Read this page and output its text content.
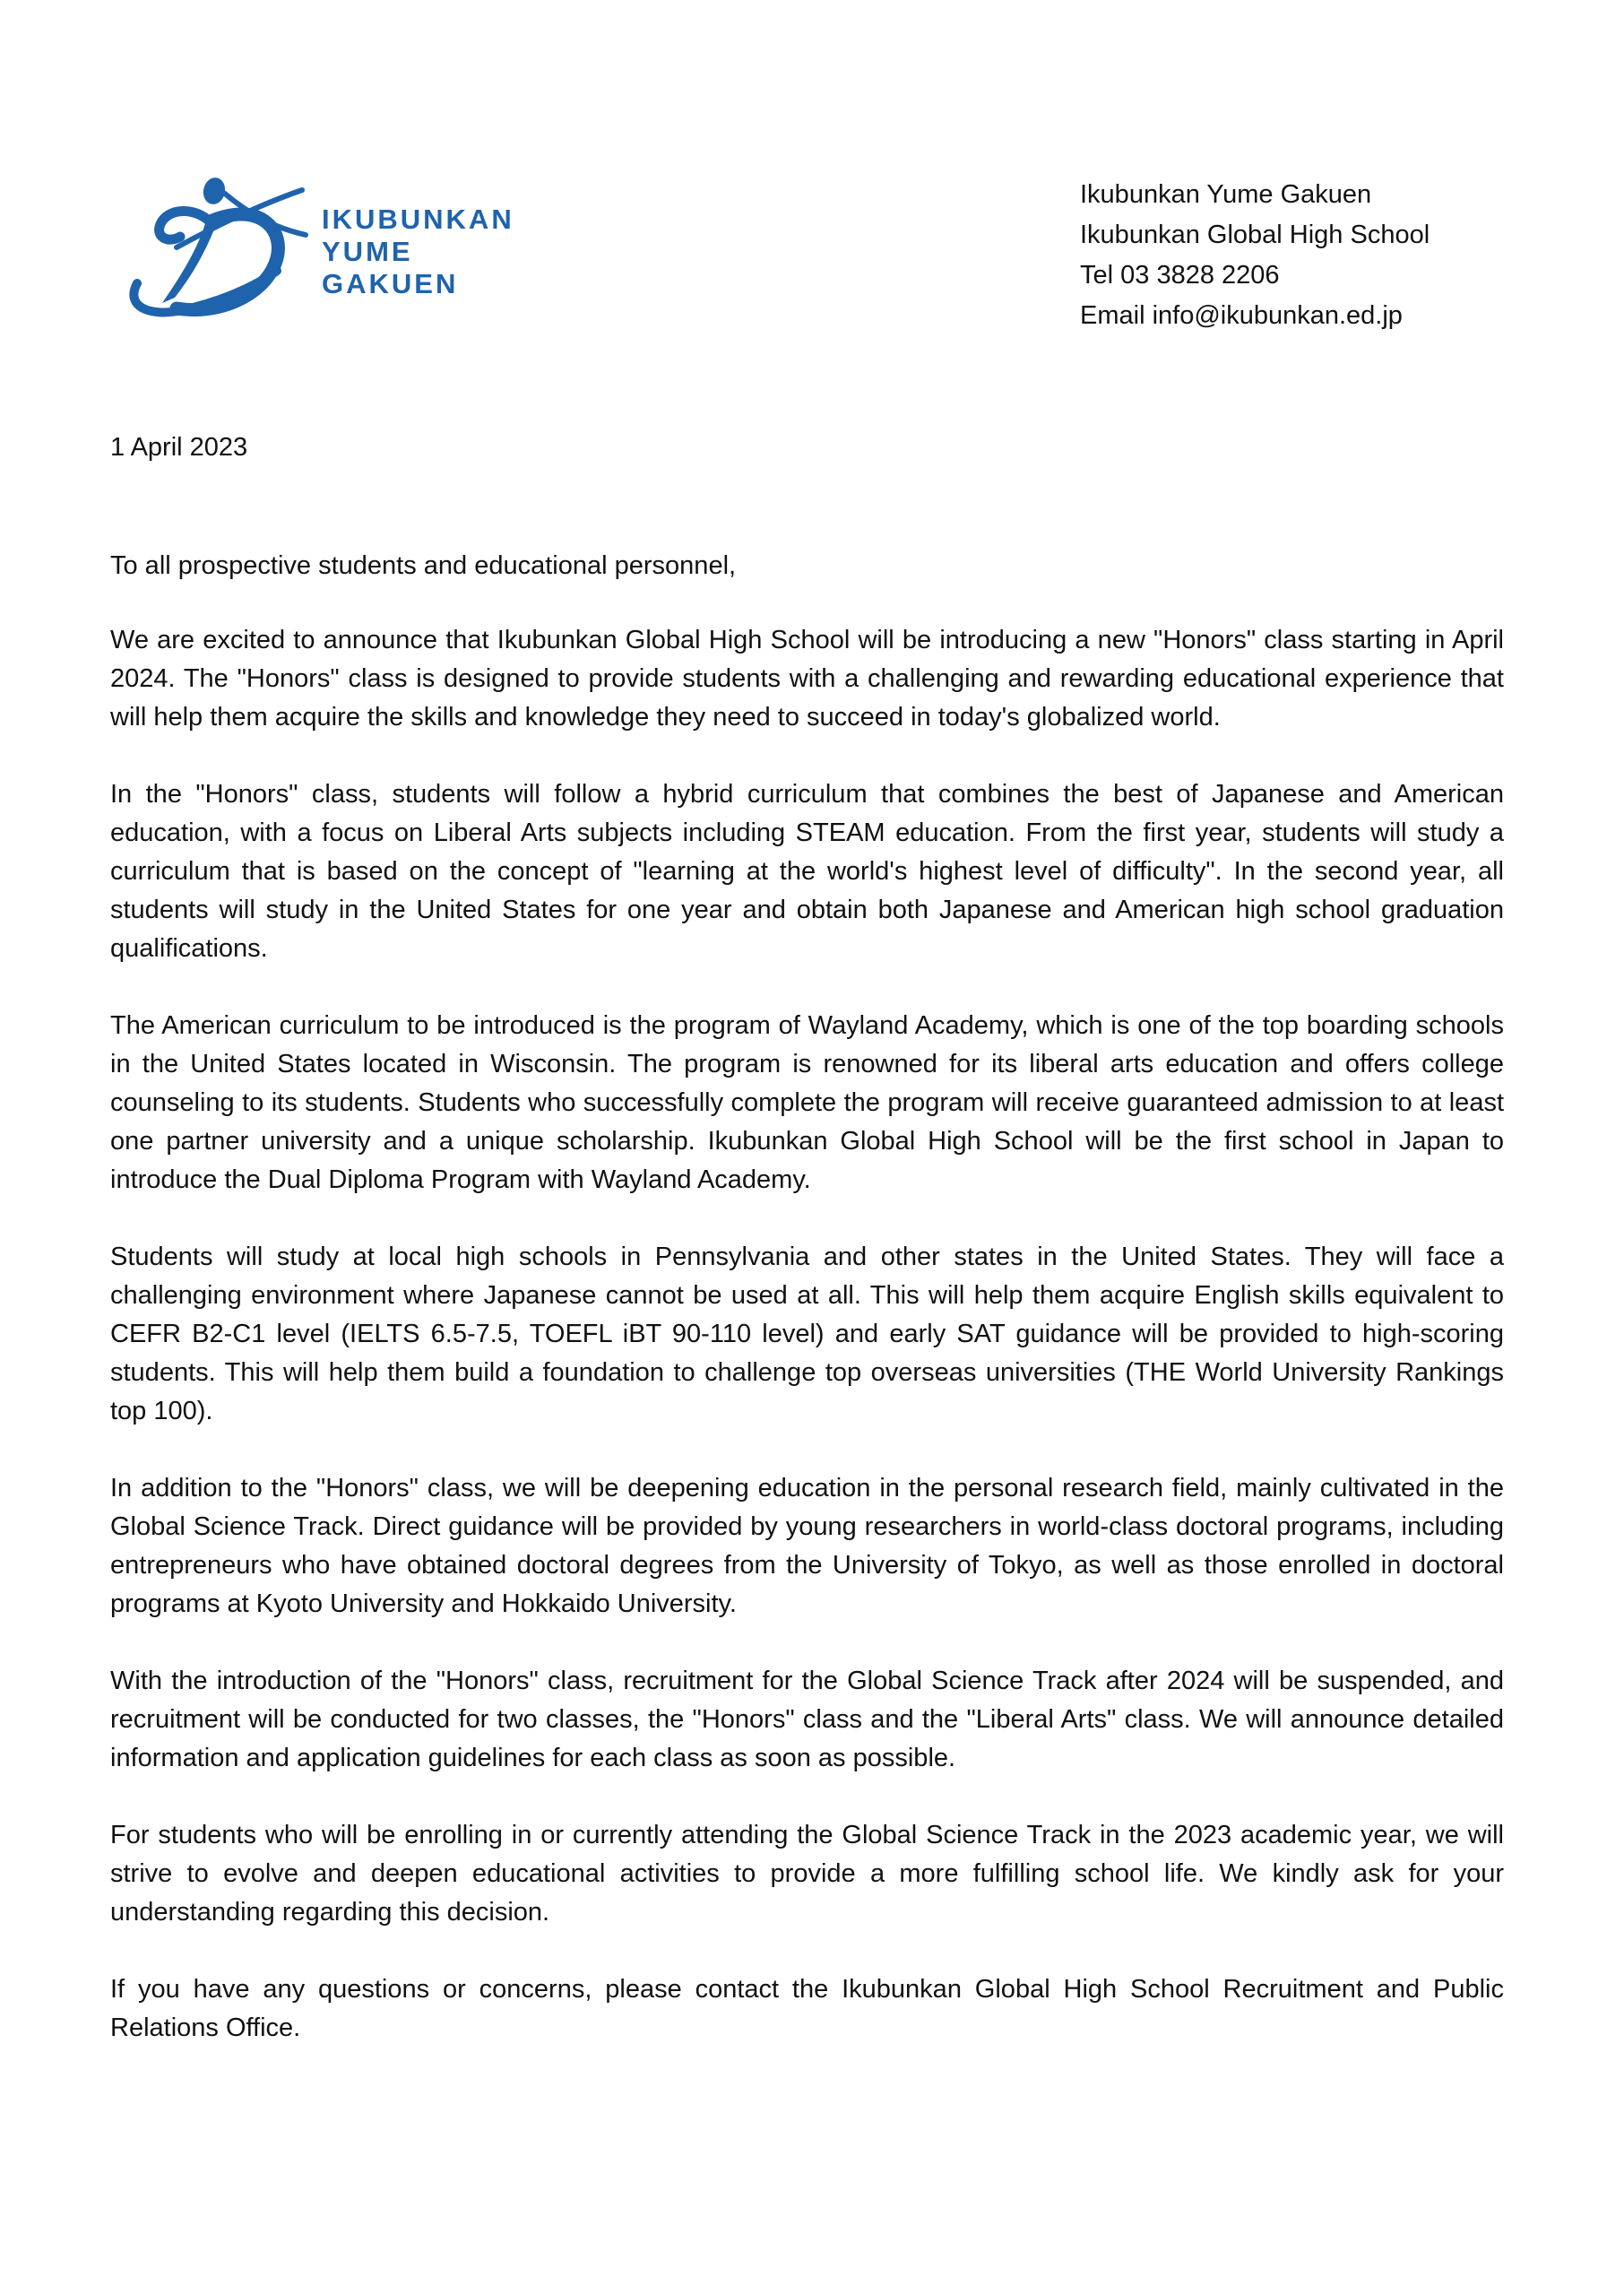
IKUBUNKAN
YUME
GAKUEN
Ikubunkan Yume Gakuen
Ikubunkan Global High School
Tel 03 3828 2206
Email info@ikubunkan.ed.jp
1 April 2023
To all prospective students and educational personnel,

We are excited to announce that Ikubunkan Global High School will be introducing a new "Honors" class starting in April 2024. The "Honors" class is designed to provide students with a challenging and rewarding educational experience that will help them acquire the skills and knowledge they need to succeed in today's globalized world.

In the "Honors" class, students will follow a hybrid curriculum that combines the best of Japanese and American education, with a focus on Liberal Arts subjects including STEAM education. From the first year, students will study a curriculum that is based on the concept of "learning at the world's highest level of difficulty". In the second year, all students will study in the United States for one year and obtain both Japanese and American high school graduation qualifications.

The American curriculum to be introduced is the program of Wayland Academy, which is one of the top boarding schools in the United States located in Wisconsin. The program is renowned for its liberal arts education and offers college counseling to its students. Students who successfully complete the program will receive guaranteed admission to at least one partner university and a unique scholarship. Ikubunkan Global High School will be the first school in Japan to introduce the Dual Diploma Program with Wayland Academy.

Students will study at local high schools in Pennsylvania and other states in the United States. They will face a challenging environment where Japanese cannot be used at all. This will help them acquire English skills equivalent to CEFR B2-C1 level (IELTS 6.5-7.5, TOEFL iBT 90-110 level) and early SAT guidance will be provided to high-scoring students. This will help them build a foundation to challenge top overseas universities (THE World University Rankings top 100).

In addition to the "Honors" class, we will be deepening education in the personal research field, mainly cultivated in the Global Science Track. Direct guidance will be provided by young researchers in world-class doctoral programs, including entrepreneurs who have obtained doctoral degrees from the University of Tokyo, as well as those enrolled in doctoral programs at Kyoto University and Hokkaido University.

With the introduction of the "Honors" class, recruitment for the Global Science Track after 2024 will be suspended, and recruitment will be conducted for two classes, the "Honors" class and the "Liberal Arts" class. We will announce detailed information and application guidelines for each class as soon as possible.

For students who will be enrolling in or currently attending the Global Science Track in the 2023 academic year, we will strive to evolve and deepen educational activities to provide a more fulfilling school life. We kindly ask for your understanding regarding this decision.

If you have any questions or concerns, please contact the Ikubunkan Global High School Recruitment and Public Relations Office.
